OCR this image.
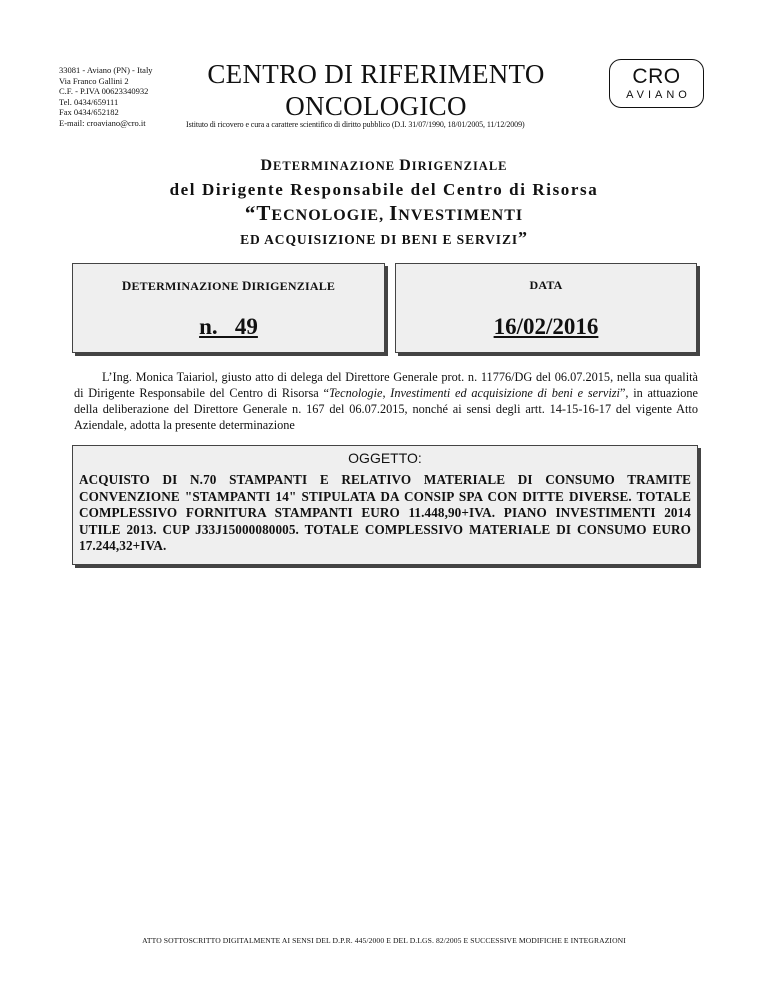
33081 - Aviano (PN) - Italy
Via Franco Gallini 2
C.F. - P.IVA 00623340932
Tel. 0434/659111
Fax 0434/652182
E-mail: croaviano@cro.it
CENTRO DI RIFERIMENTO
ONCOLOGICO
Istituto di ricovero e cura a carattere scientifico di diritto pubblico (D.I. 31/07/1990, 18/01/2005, 11/12/2009)
CRO
AVIANO
DETERMINAZIONE DIRIGENZIALE
del Dirigente Responsabile del Centro di Risorsa
“TECNOLOGIE, INVESTIMENTI
ED ACQUISIZIONE DI BENI E SERVIZI”
DETERMINAZIONE DIRIGENZIALE
n.   49
DATA
16/02/2016
L’Ing. Monica Taiariol, giusto atto di delega del Direttore Generale prot. n. 11776/DG del 06.07.2015, nella sua qualità di Dirigente Responsabile del Centro di Risorsa “Tecnologie, Investimenti ed acquisizione di beni e servizi”, in attuazione della deliberazione del Direttore Generale n. 167 del 06.07.2015, nonché ai sensi degli artt. 14-15-16-17 del vigente Atto Aziendale, adotta la presente determinazione
OGGETTO:
ACQUISTO DI N.70 STAMPANTI E RELATIVO MATERIALE DI CONSUMO TRAMITE CONVENZIONE "STAMPANTI 14" STIPULATA DA CONSIP SPA CON DITTE DIVERSE. TOTALE COMPLESSIVO FORNITURA STAMPANTI EURO 11.448,90+IVA. PIANO INVESTIMENTI 2014 UTILE 2013. CUP J33J15000080005. TOTALE COMPLESSIVO MATERIALE DI CONSUMO EURO 17.244,32+IVA.
ATTO SOTTOSCRITTO DIGITALMENTE AI SENSI DEL D.P.R. 445/2000 E DEL D.LGS. 82/2005 E SUCCESSIVE MODIFICHE E INTEGRAZIONI
